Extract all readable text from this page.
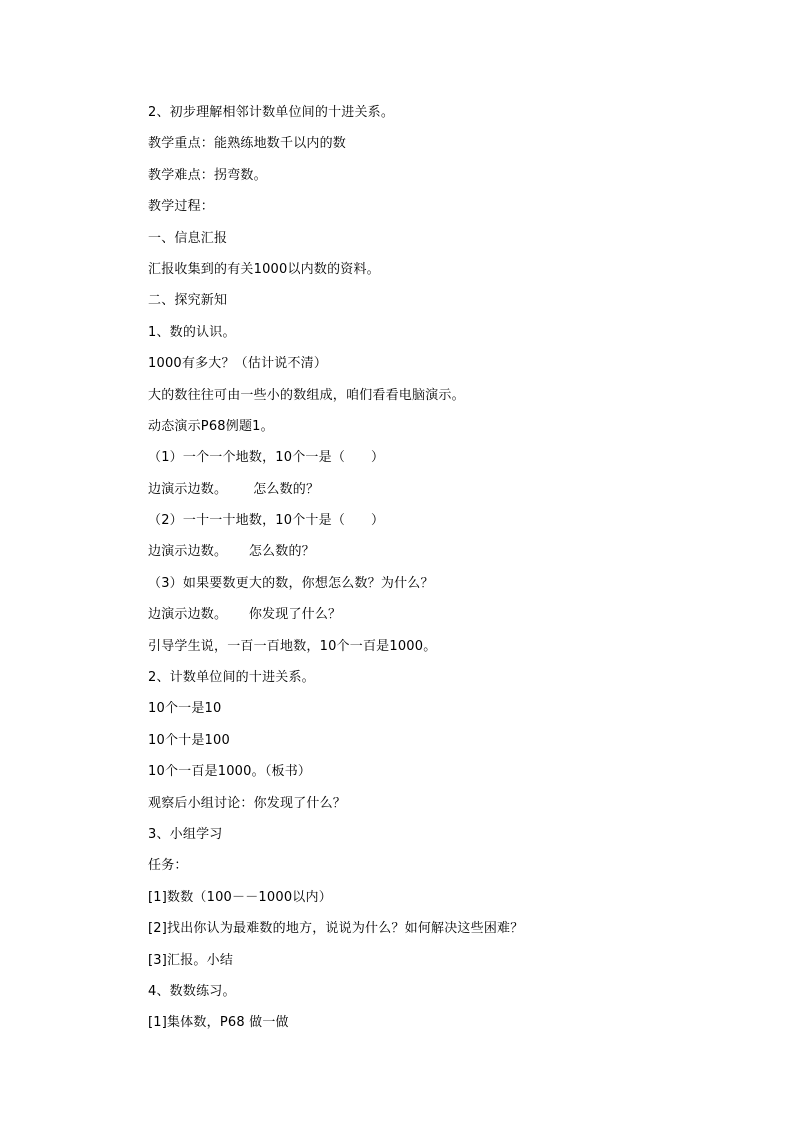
2、初步理解相邻计数单位间的十进关系。
教学重点：能熟练地数千以内的数
教学难点：拐弯数。
教学过程：
一、信息汇报
汇报收集到的有关1000以内数的资料。
二、探究新知
1、数的认识。
1000有多大？（估计说不清）
大的数往往可由一些小的数组成，咱们看看电脑演示。
动态演示P68例题1。
（1）一个一个地数，10个一是（      ）
边演示边数。      怎么数的？
（2）一十一十地数，10个十是（      ）
边演示边数。     怎么数的？
（3）如果要数更大的数，你想怎么数？为什么？
边演示边数。     你发现了什么？
引导学生说，一百一百地数，10个一百是1000。
2、计数单位间的十进关系。
10个一是10
10个十是100
10个一百是1000。（板书）
观察后小组讨论：你发现了什么？
3、小组学习
任务：
[1]数数（100－－1000以内）
[2]找出你认为最难数的地方，说说为什么？如何解决这些困难？
[3]汇报。小结
4、数数练习。
[1]集体数，P68 做一做
